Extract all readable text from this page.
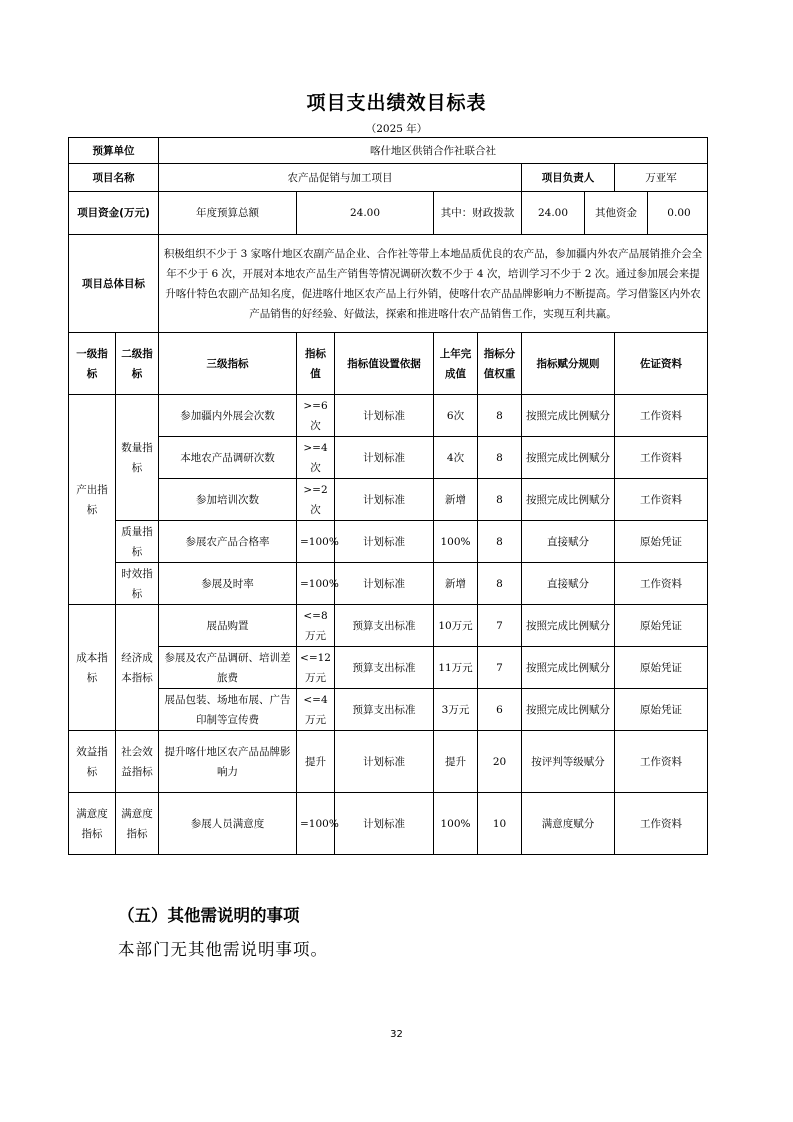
项目支出绩效目标表
（2025 年）
预算单位		喀什地区供销合作社联合社						
项目名称		农产品促销与加工项目					项目负责人	万亚军
项目资金(万元)		年度预算总额	24.00		其中：财政拨款		24.00 其他资金 0.00	

项目总体目标		积极组织不少于 3 家喀什地区农副产品企业、合作社等带上本地品质优良的农产品，参加疆内外农产品展销推介会全年不少于 6 次，开展对本地农产品生产销售等情况调研次数不少于 4 次，培训学习不少于 2 次。通过参加展会来提升喀什特色农副产品知名度，促进喀什地区农产品上行外销，使喀什农产品品牌影响力不断提高。学习借鉴区内外农产品销售的好经验、好做法，探索和推进喀什农产品销售工作，实现互利共赢。						
一级指标	二级指标	三级指标	指标值	指标值设置依据	上年完成值	指标分值权重	指标赋分规则	佐证资料
产出指标	数量指标	参加疆内外展会次数	>=6次	计划标准	6次	8	按照完成比例赋分	工作资料
		本地农产品调研次数	>=4次	计划标准	4次	8	按照完成比例赋分	工作资料
		参加培训次数	>=2次	计划标准	新增	8	按照完成比例赋分	工作资料
	质量指标	参展农产品合格率	=100%	计划标准	100%	8	直接赋分	原始凭证
	时效指标	参展及时率	=100%	计划标准	新增	8	直接赋分	工作资料
成本指标	经济成本指标	展品购置	<=8万元	预算支出标准	10万元	7	按照完成比例赋分	原始凭证
		参展及农产品调研、培训差旅费	<=12万元	预算支出标准	11万元	7	按照完成比例赋分	原始凭证
		展品包装、场地布展、广告印制等宣传费	<=4万元	预算支出标准	3万元	6	按照完成比例赋分	原始凭证
效益指标	社会效益指标	提升喀什地区农产品品牌影响力	提升	计划标准	提升	20	按评判等级赋分	工作资料
满意度指标	满意度指标	参展人员满意度	=100%	计划标准	100%	10	满意度赋分	工作资料
（五）其他需说明的事项
本部门无其他需说明事项。
32
